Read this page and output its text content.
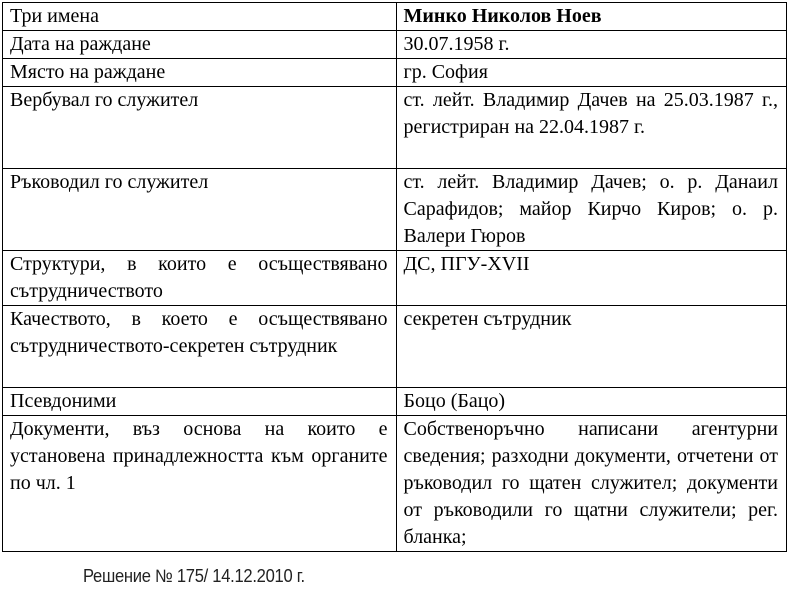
Три имена	Минко Николов Ноев
Дата на раждане	30.07.1958 г.
Място на раждане	гр. София
Вербувал го служител	ст. лейт. Владимир Дачев на 25.03.1987 г., регистриран на 22.04.1987 г.
Ръководил го служител	ст. лейт. Владимир Дачев; о. р. Данаил Сарафидов; майор Кирчо Киров; о. р. Валери Гюров
Структури, в които е осъществявано сътрудничеството	ДС, ПГУ-XVII
Качеството, в което е осъществявано сътрудничеството-секретен сътрудник	секретен сътрудник
Псевдоними	Боцо (Бацо)
Документи, въз основа на които е установена принадлежността към органите по чл. 1	Собственоръчно написани агентурни сведения; разходни документи, отчетени от ръководил го щатен служител; документи от ръководили го щатни служители; рег. бланка;
Решение № 175/ 14.12.2010 г.
